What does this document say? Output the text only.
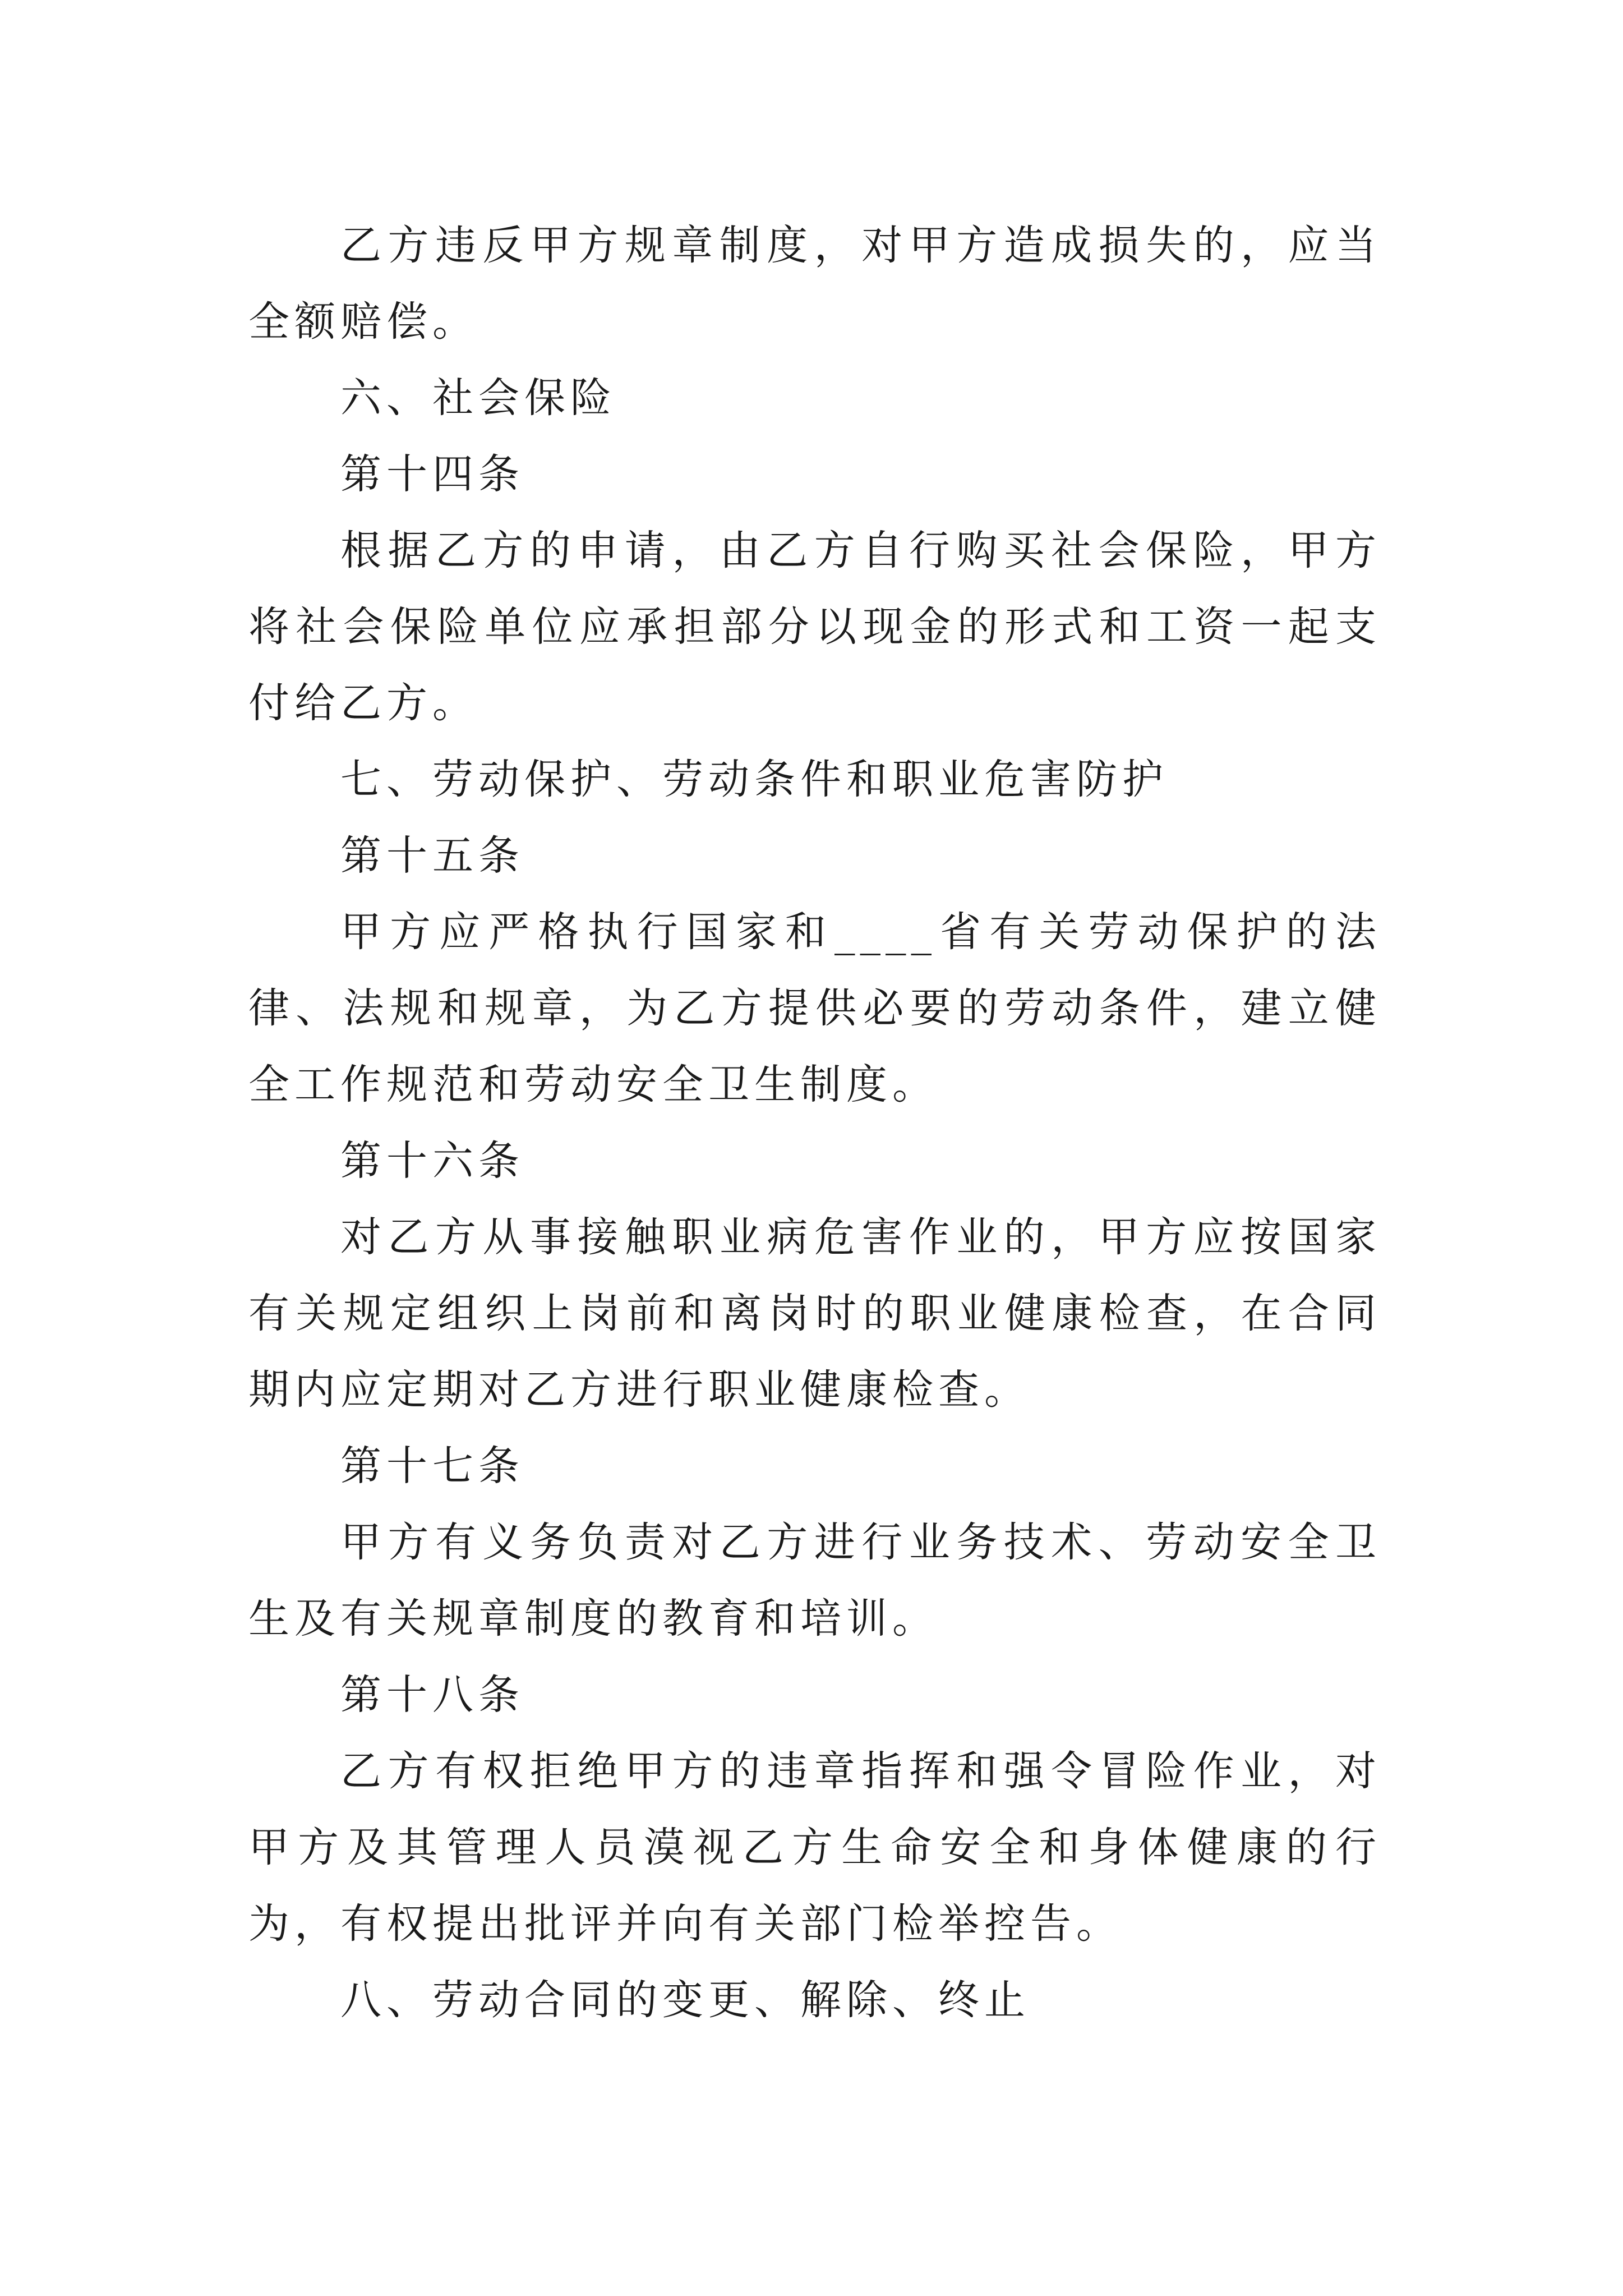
乙方违反甲方规章制度，对甲方造成损失的，应当全额赔偿。

六、社会保险

第十四条

根据乙方的申请，由乙方自行购买社会保险，甲方将社会保险单位应承担部分以现金的形式和工资一起支付给乙方。

七、劳动保护、劳动条件和职业危害防护

第十五条

甲方应严格执行国家和____省有关劳动保护的法律、法规和规章，为乙方提供必要的劳动条件，建立健全工作规范和劳动安全卫生制度。

第十六条

对乙方从事接触职业病危害作业的，甲方应按国家有关规定组织上岗前和离岗时的职业健康检查，在合同期内应定期对乙方进行职业健康检查。

第十七条

甲方有义务负责对乙方进行业务技术、劳动安全卫生及有关规章制度的教育和培训。

第十八条

乙方有权拒绝甲方的违章指挥和强令冒险作业，对甲方及其管理人员漠视乙方生命安全和身体健康的行为，有权提出批评并向有关部门检举控告。

八、劳动合同的变更、解除、终止
